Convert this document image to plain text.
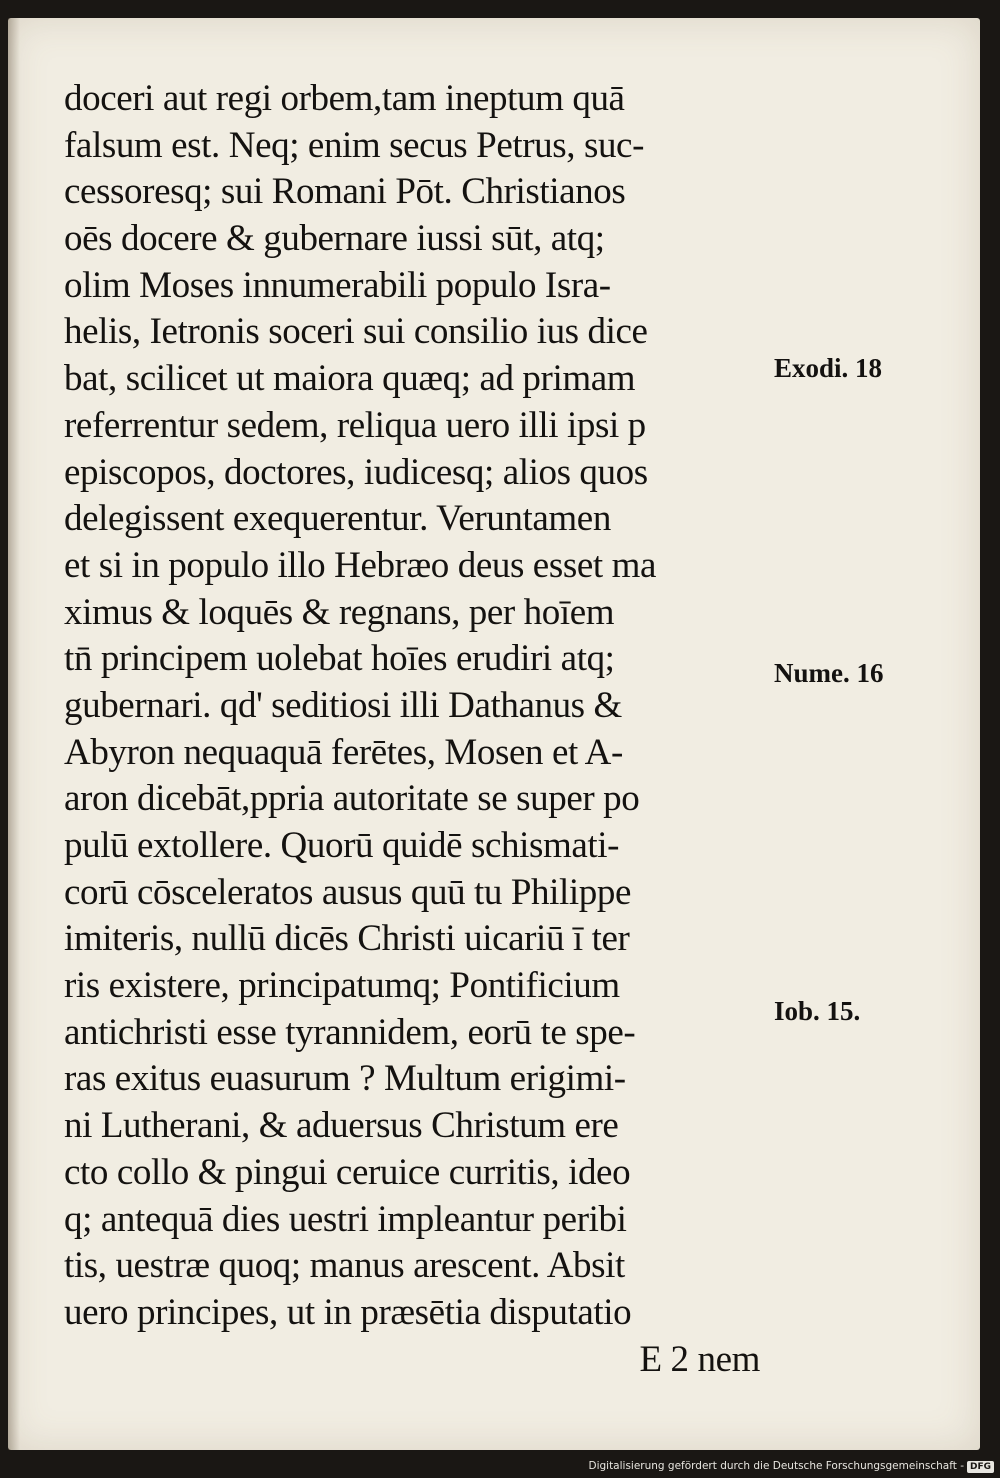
doceri aut regi orbem,tam ineptum quā
falsum est. Neq; enim secus Petrus, suc-
cessoresq; sui Romani Pōt. Christianos
oēs docere & gubernare iussi sūt, atq;
olim Moses innumerabili populo Isra-
helis, Ietronis soceri sui consilio ius dice
bat, scilicet ut maiora quæq; ad primam
referrentur sedem, reliqua uero illi ipsi p
episcopos, doctores, iudicesq; alios quos
delegissent exequerentur. Veruntamen
et si in populo illo Hebræo deus esset ma
ximus & loquēs & regnans, per hoīem
tn̄ principem uolebat hoīes erudiri atq;
gubernari. qd' seditiosi illi Dathanus &
Abyron nequaquā ferētes, Mosen et A-
aron dicebāt,ppria autoritate se super po
pulū extollere. Quorū quidē schismati-
corū cōsceleratos ausus quū tu Philippe
imiteris, nullū dicēs Christi uicariū ī ter
ris existere, principatumq; Pontificium
antichristi esse tyrannidem, eorū te spe-
ras exitus euasurum ? Multum erigimi-
ni Lutherani, & aduersus Christum ere
cto collo & pingui ceruice curritis, ideo
q; antequā dies uestri impleantur peribi
tis, uestræ quoq; manus arescent. Absit
uero principes, ut in præsētia disputatio
E 2 nem
Exodi. 18
Nume. 16
Iob. 15.
Digitalisierung gefördert durch die Deutsche Forschungsgemeinschaft - DFG
